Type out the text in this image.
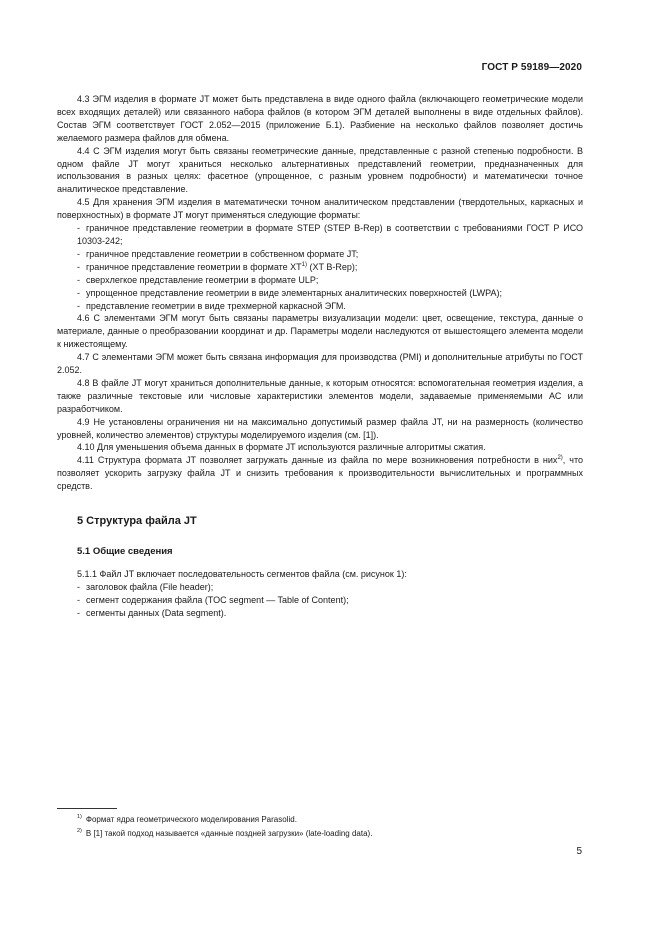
ГОСТ Р 59189—2020

4.3 ЭГМ изделия в формате JT может быть представлена в виде одного файла (включающего геометрические модели всех входящих деталей) или связанного набора файлов (в котором ЭГМ деталей выполнены в виде отдельных файлов). Состав ЭГМ соответствует ГОСТ 2.052—2015 (приложение Б.1). Разбиение на несколько файлов позволяет достичь желаемого размера файлов для обмена.

4.4 С ЭГМ изделия могут быть связаны геометрические данные, представленные с разной степенью подробности. В одном файле JT могут храниться несколько альтернативных представлений геометрии, предназначенных для использования в разных целях: фасетное (упрощенное, с разным уровнем подробности) и математически точное аналитическое представление.

4.5 Для хранения ЭГМ изделия в математически точном аналитическом представлении (твердотельных, каркасных и поверхностных) в формате JT могут применяться следующие форматы:

- граничное представление геометрии в формате STEP (STEP B-Rep) в соответствии с требованиями ГОСТ Р ИСО 10303-242;

- граничное представление геометрии в собственном формате JT;

- граничное представление геометрии в формате XT$^{1)}$ (XT B-Rep);

- сверхлегкое представление геометрии в формате ULP;

- упрощенное представление геометрии в виде элементарных аналитических поверхностей (LWPA);

- представление геометрии в виде трехмерной каркасной ЭГМ.

4.6 С элементами ЭГМ могут быть связаны параметры визуализации модели: цвет, освещение, текстура, данные о материале, данные о преобразовании координат и др. Параметры модели наследуются от вышестоящего элемента модели к нижестоящему.

4.7 С элементами ЭГМ может быть связана информация для производства (PMI) и дополнительные атрибуты по ГОСТ 2.052.

4.8 В файле JT могут храниться дополнительные данные, к которым относятся: вспомогательная геометрия изделия, а также различные текстовые или числовые характеристики элементов модели, задаваемые применяемыми АС или разработчиком.

4.9 Не установлены ограничения ни на максимально допустимый размер файла JT, ни на размерность (количество уровней, количество элементов) структуры моделируемого изделия (см. [1]).

4.10 Для уменьшения объема данных в формате JT используются различные алгоритмы сжатия.

4.11 Структура формата JT позволяет загружать данные из файла по мере возникновения потребности в них$^{2)}$, что позволяет ускорить загрузку файла JT и снизить требования к производительности вычислительных и программных средств.

5 Структура файла JT
5.1 Общие сведения

5.1.1 Файл JT включает последовательность сегментов файла (см. рисунок 1):

- заголовок файла (File header);

- сегмент содержания файла (TOC segment — Table of Content);

- сегменты данных (Data segment).

$^{1)}$ Формат ядра геометрического моделирования Parasolid.
$^{2)}$ В [1] такой подход называется «данные поздней загрузки» (late-loading data).
5
